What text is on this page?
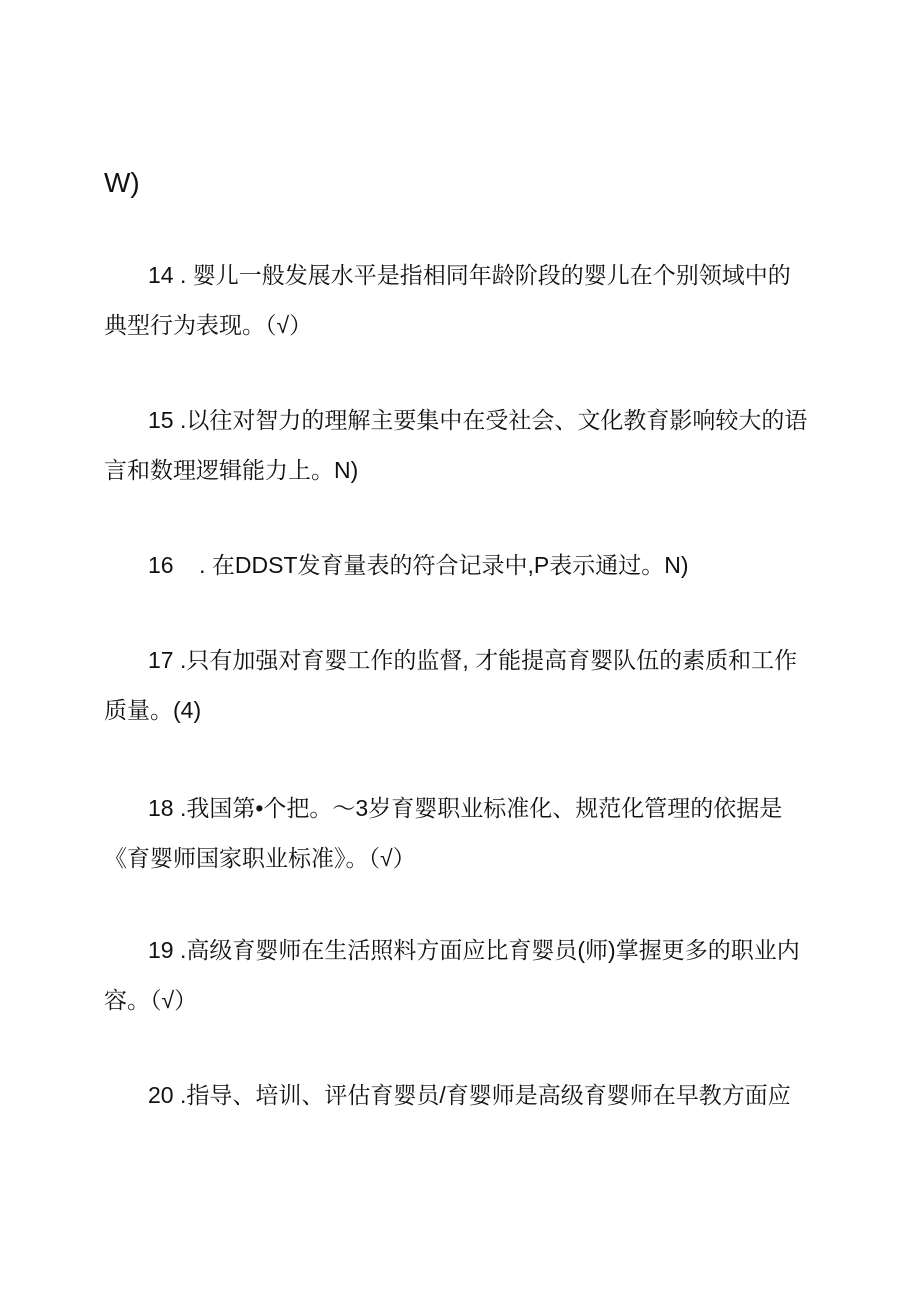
W)
14 . 婴儿一般发展水平是指相同年龄阶段的婴儿在个别领域中的
典型行为表现。（√）
15 .以往对智力的理解主要集中在受社会、文化教育影响较大的语
言和数理逻辑能力上。N)
16    . 在DDST发育量表的符合记录中,P表示通过。N)
17 .只有加强对育婴工作的监督, 才能提高育婴队伍的素质和工作
质量。(4)
18 .我国第•个把。～3岁育婴职业标准化、规范化管理的依据是
《育婴师国家职业标准》。（√）
19 .高级育婴师在生活照料方面应比育婴员(师)掌握更多的职业内
容。（√）
20 .指导、培训、评估育婴员/育婴师是高级育婴师在早教方面应
